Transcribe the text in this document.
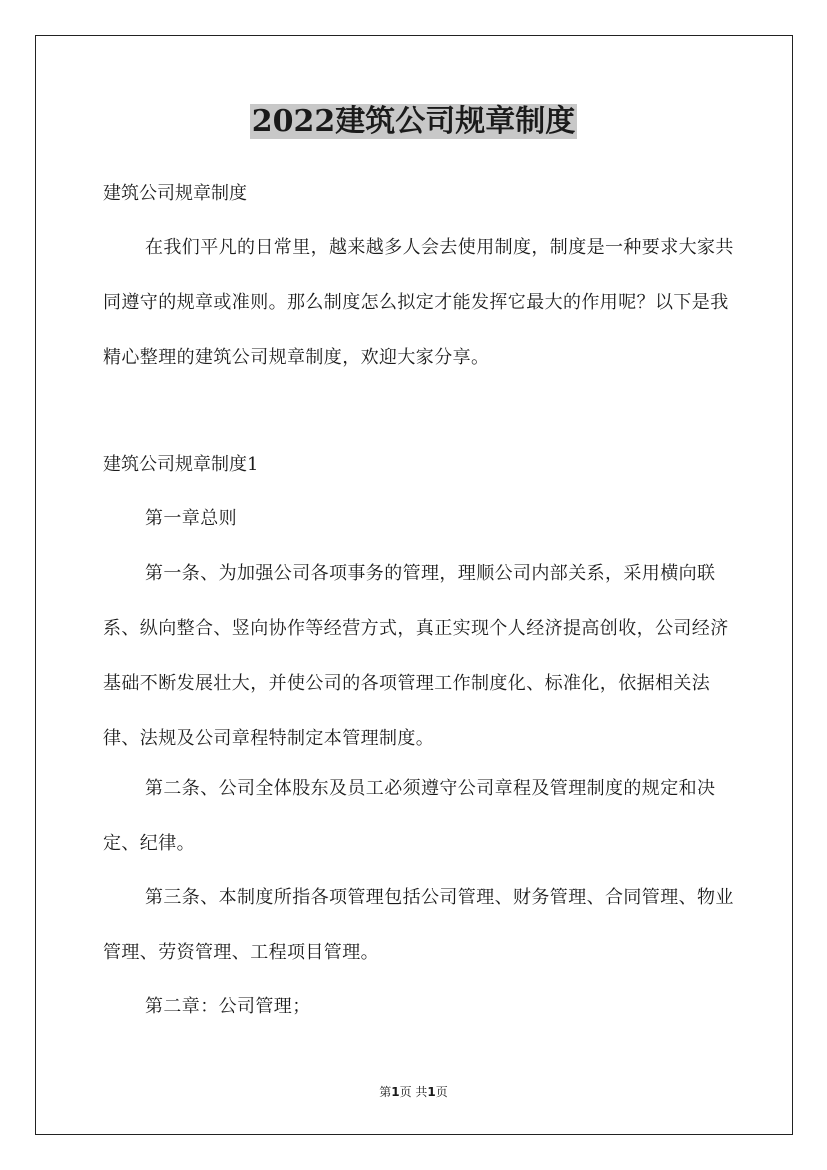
2022建筑公司规章制度

建筑公司规章制度

在我们平凡的日常里，越来越多人会去使用制度，制度是一种要求大家共同遵守的规章或准则。那么制度怎么拟定才能发挥它最大的作用呢？以下是我精心整理的建筑公司规章制度，欢迎大家分享。

建筑公司规章制度1

第一章总则

第一条、为加强公司各项事务的管理，理顺公司内部关系，采用横向联系、纵向整合、竖向协作等经营方式，真正实现个人经济提高创收，公司经济基础不断发展壮大，并使公司的各项管理工作制度化、标准化，依据相关法律、法规及公司章程特制定本管理制度。

第二条、公司全体股东及员工必须遵守公司章程及管理制度的规定和决定、纪律。

第三条、本制度所指各项管理包括公司管理、财务管理、合同管理、物业管理、劳资管理、工程项目管理。

第二章：公司管理；

第1页 共1页
